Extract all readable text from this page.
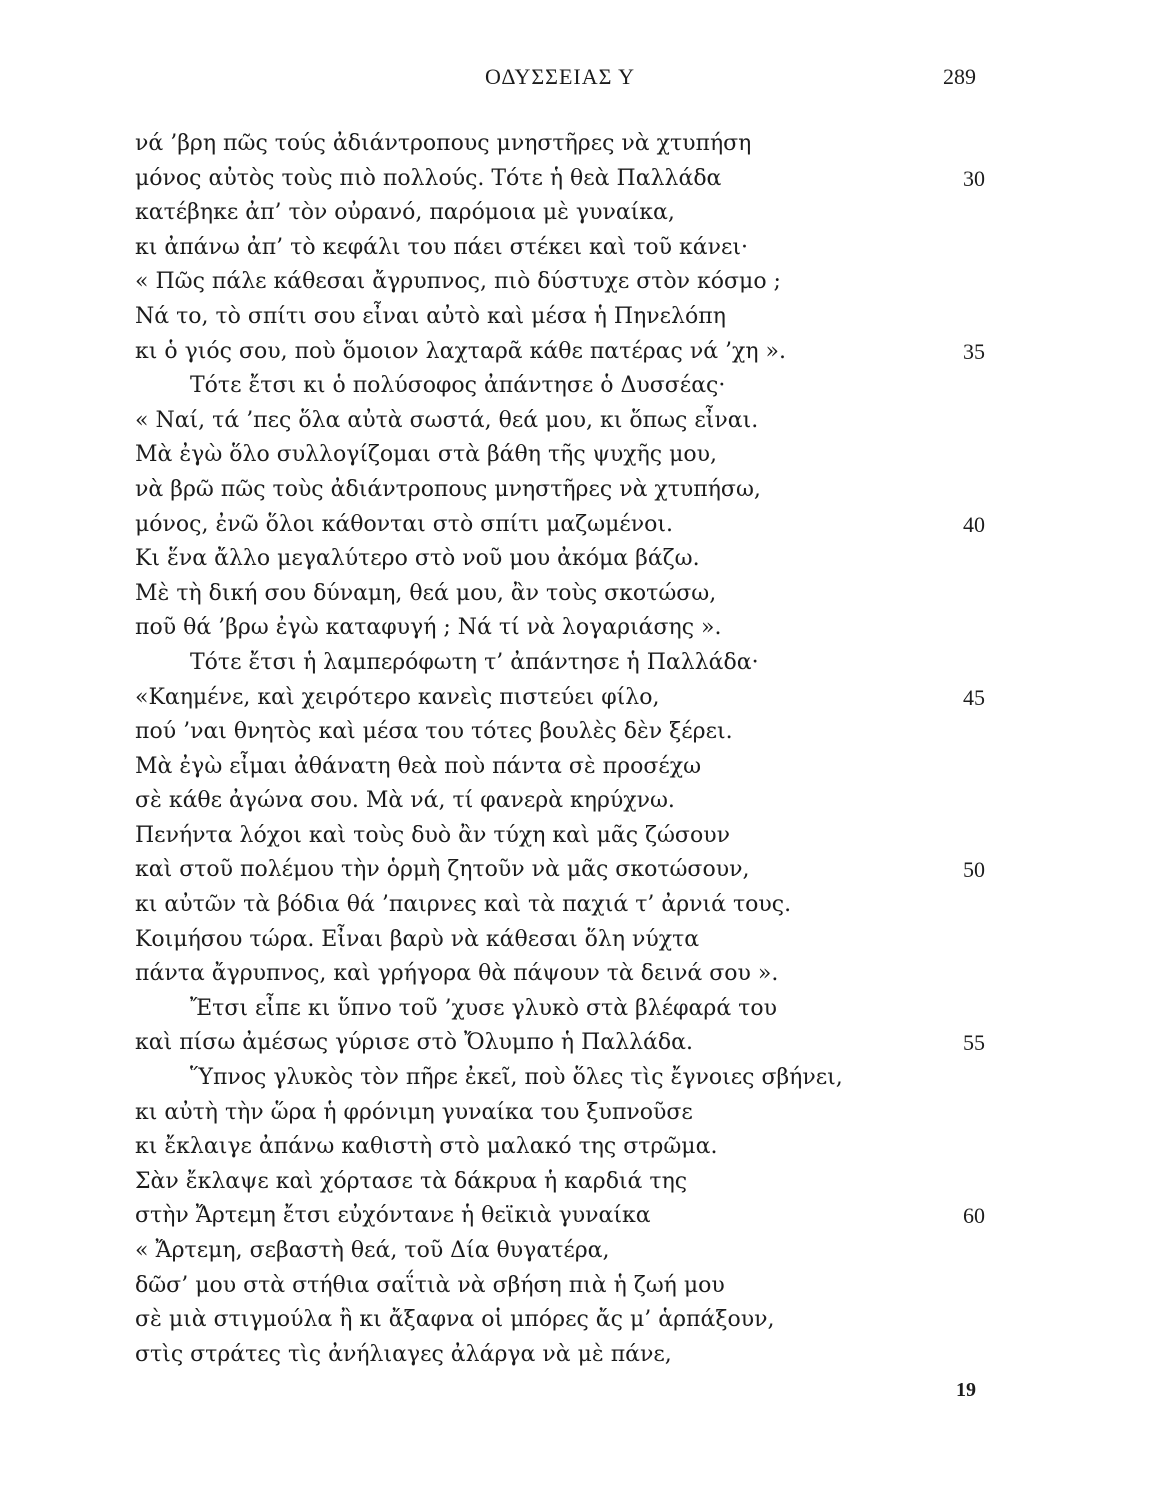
ΟΔΥΣΣΕΙΑΣ Υ	289
νά ’βρη πῶς τούς ἀδιάντροπους μνηστῆρες νὰ χτυπήση
μόνος αὐτὸς τοὺς πιὸ πολλούς. Τότε ἡ θεὰ Παλλάδα	30
κατέβηκε ἀπ’ τὸν οὐρανό, παρόμοια μὲ γυναίκα,
κι ἀπάνω ἀπ’ τὸ κεφάλι του πάει στέκει καὶ τοῦ κάνει·
« Πῶς πάλε κάθεσαι ἄγρυπνος, πιὸ δύστυχε στὸν κόσμο ;
Νά το, τὸ σπίτι σου εἶναι αὐτὸ καὶ μέσα ἡ Πηνελόπη
κι ὁ γιός σου, ποὺ ὅμοιον λαχταρᾶ κάθε πατέρας νά ’χη ».	35
Τότε ἔτσι κι ὁ πολύσοφος ἀπάντησε ὁ Δυσσέας·
« Ναί, τά ’πες ὅλα αὐτὰ σωστά, θεά μου, κι ὅπως εἶναι.
Μὰ ἐγὼ ὅλο συλλογίζομαι στὰ βάθη τῆς ψυχῆς μου,
νὰ βρῶ πῶς τοὺς ἀδιάντροπους μνηστῆρες νὰ χτυπήσω,
μόνος, ἐνῶ ὅλοι κάθονται στὸ σπίτι μαζωμένοι.	40
Κι ἕνα ἄλλο μεγαλύτερο στὸ νοῦ μου ἀκόμα βάζω.
Μὲ τὴ δική σου δύναμη, θεά μου, ἂν τοὺς σκοτώσω,
ποῦ θά ’βρω ἐγὼ καταφυγή ; Νά τί νὰ λογαριάσης ».
Τότε ἔτσι ἡ λαμπερόφωτη τ’ ἀπάντησε ἡ Παλλάδα·
«Καημένε, καὶ χειρότερο κανεὶς πιστεύει φίλο,	45
πού ’ναι θνητὸς καὶ μέσα του τότες βουλὲς δὲν ξέρει.
Μὰ ἐγὼ εἶμαι ἀθάνατη θεὰ ποὺ πάντα σὲ προσέχω
σὲ κάθε ἀγώνα σου. Μὰ νά, τί φανερὰ κηρύχνω.
Πενήντα λόχοι καὶ τοὺς δυὸ ἂν τύχη καὶ μᾶς ζώσουν
καὶ στοῦ πολέμου τὴν ὁρμὴ ζητοῦν νὰ μᾶς σκοτώσουν,	50
κι αὐτῶν τὰ βόδια θά ’παιρνες καὶ τὰ παχιά τ’ ἀρνιά τους.
Κοιμήσου τώρα. Εἶναι βαρὺ νὰ κάθεσαι ὅλη νύχτα
πάντα ἄγρυπνος, καὶ γρήγορα θὰ πάψουν τὰ δεινά σου ».
Ἔτσι εἶπε κι ὕπνο τοῦ ’χυσε γλυκὸ στὰ βλέφαρά του
καὶ πίσω ἀμέσως γύρισε στὸ Ὄλυμπο ἡ Παλλάδα.	55
Ὕπνος γλυκὸς τὸν πῆρε ἐκεῖ, ποὺ ὅλες τὶς ἔγνοιες σβήνει,
κι αὐτὴ τὴν ὥρα ἡ φρόνιμη γυναίκα του ξυπνοῦσε
κι ἔκλαιγε ἀπάνω καθιστὴ στὸ μαλακό της στρῶμα.
Σὰν ἔκλαψε καὶ χόρτασε τὰ δάκρυα ἡ καρδιά της
στὴν Ἄρτεμη ἔτσι εὐχόντανε ἡ θεϊκιὰ γυναίκα	60
« Ἄρτεμη, σεβαστὴ θεά, τοῦ Δία θυγατέρα,
δῶσ’ μου στὰ στήθια σαΐτιὰ νὰ σβήση πιὰ ἡ ζωή μου
σὲ μιὰ στιγμούλα ἢ κι ἄξαφνα οἱ μπόρες ἄς μ’ ἁρπάξουν,
στὶς στράτες τὶς ἀνήλιαγες ἀλάργα νὰ μὲ πάνε,
19
